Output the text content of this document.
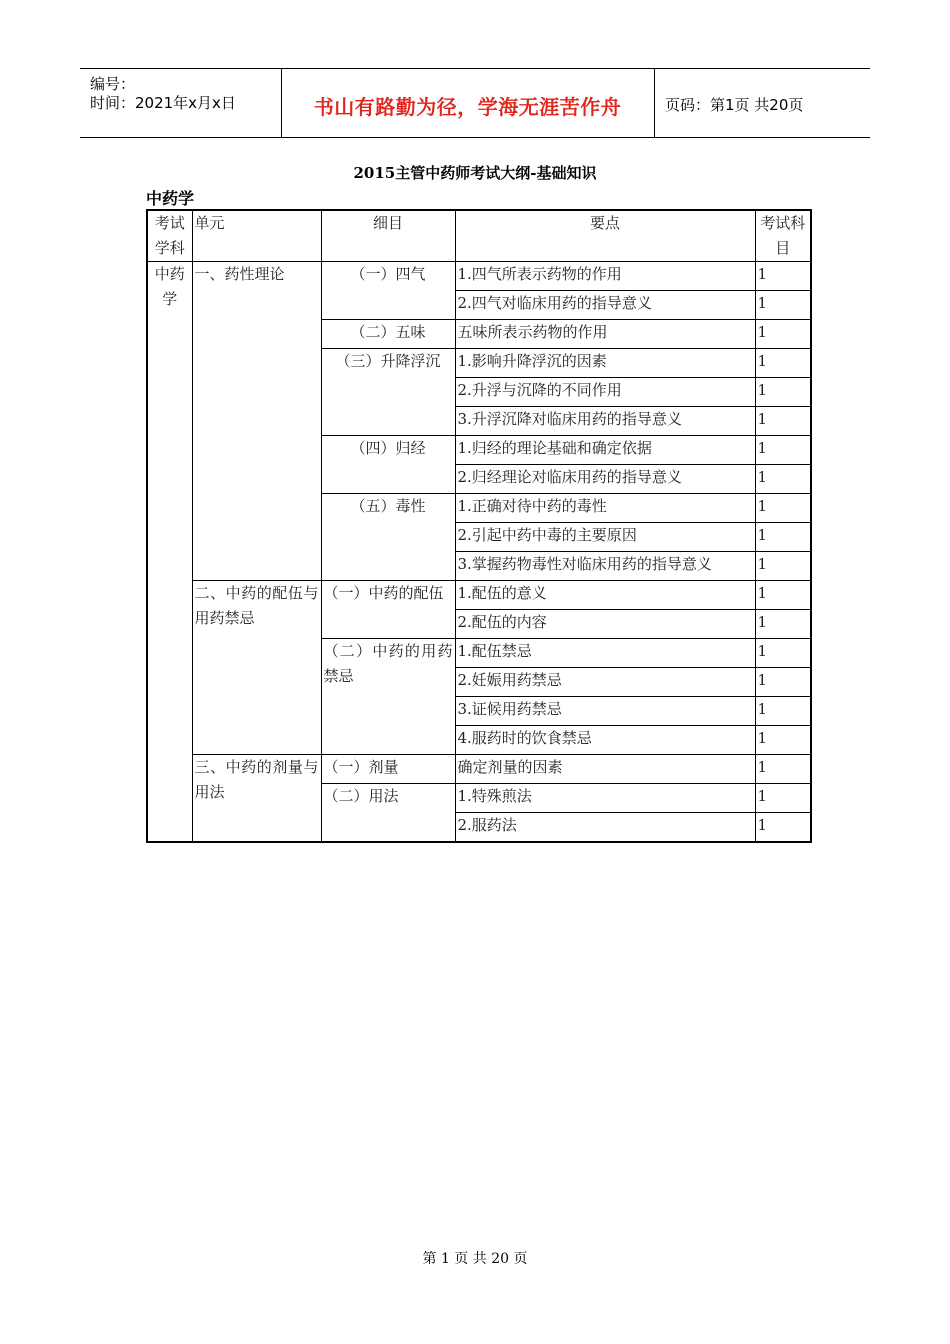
编号：
时间：2021年x月x日	书山有路勤为径，学海无涯苦作舟	页码：第1页 共20页
2015主管中药师考试大纲-基础知识
中药学
考试学科	单元	细目	要点	考试科目
中药学	一、药性理论	（一）四气	1.四气所表示药物的作用	1
			2.四气对临床用药的指导意义	1
		（二）五味	五味所表示药物的作用	1
		（三）升降浮沉	1.影响升降浮沉的因素	1
			2.升浮与沉降的不同作用	1
			3.升浮沉降对临床用药的指导意义	1
		（四）归经	1.归经的理论基础和确定依据	1
			2.归经理论对临床用药的指导意义	1
		（五）毒性	1.正确对待中药的毒性	1
			2.引起中药中毒的主要原因	1
			3.掌握药物毒性对临床用药的指导意义	1
	二、中药的配伍与用药禁忌	（一）中药的配伍	1.配伍的意义	1
			2.配伍的内容	1
		（二）中药的用药禁忌	1.配伍禁忌	1
			2.妊娠用药禁忌	1
			3.证候用药禁忌	1
			4.服药时的饮食禁忌	1
	三、中药的剂量与用法	（一）剂量	确定剂量的因素	1
		（二）用法	1.特殊煎法	1
			2.服药法	1
第 1 页 共 20 页
